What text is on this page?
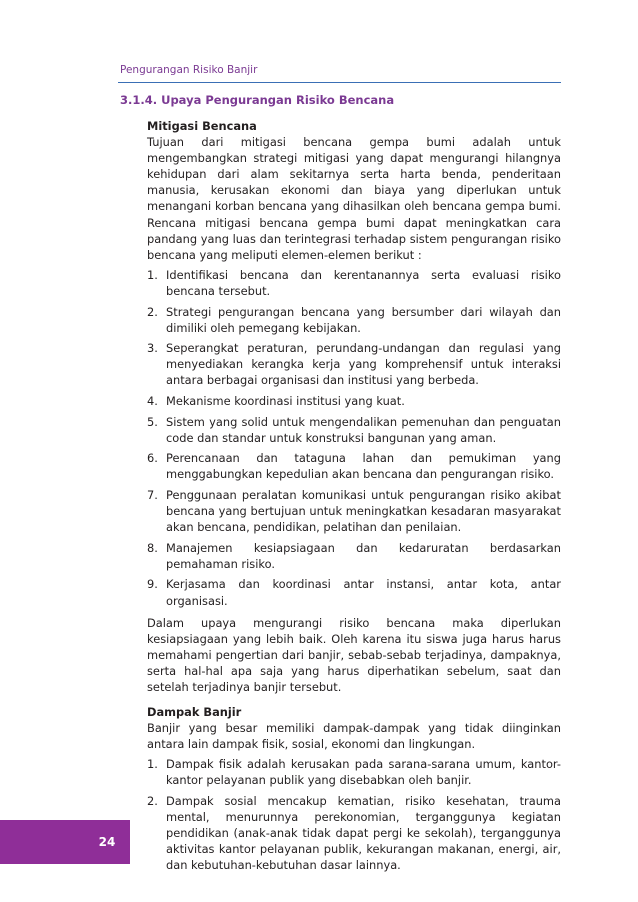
Pengurangan Risiko Banjir
3.1.4. Upaya Pengurangan Risiko Bencana

Mitigasi Bencana

Tujuan dari mitigasi bencana gempa bumi adalah untuk mengembangkan strategi mitigasi yang dapat mengurangi hilangnya kehidupan dari alam sekitarnya serta harta benda, penderitaan manusia, kerusakan ekonomi dan biaya yang diperlukan untuk menangani korban bencana yang dihasilkan oleh bencana gempa bumi. Rencana mitigasi bencana gempa bumi dapat meningkatkan cara pandang yang luas dan terintegrasi terhadap sistem pengurangan risiko bencana yang meliputi elemen-elemen berikut :

1. Identifikasi bencana dan kerentanannya serta evaluasi risiko bencana tersebut.
2. Strategi pengurangan bencana yang bersumber dari wilayah dan dimiliki oleh pemegang kebijakan.
3. Seperangkat peraturan, perundang-undangan dan regulasi yang menyediakan kerangka kerja yang komprehensif untuk interaksi antara berbagai organisasi dan institusi yang berbeda.
4. Mekanisme koordinasi institusi yang kuat.
5. Sistem yang solid untuk mengendalikan pemenuhan dan penguatan code dan standar untuk konstruksi bangunan yang aman.
6. Perencanaan dan tataguna lahan dan pemukiman yang menggabungkan kepedulian akan bencana dan pengurangan risiko.
7. Penggunaan peralatan komunikasi untuk pengurangan risiko akibat bencana yang bertujuan untuk meningkatkan kesadaran masyarakat akan bencana, pendidikan, pelatihan dan penilaian.
8. Manajemen kesiapsiagaan dan kedaruratan berdasarkan pemahaman risiko.
9. Kerjasama dan koordinasi antar instansi, antar kota, antar organisasi.

Dalam upaya mengurangi risiko bencana maka diperlukan kesiapsiagaan yang lebih baik. Oleh karena itu siswa juga harus harus memahami pengertian dari banjir, sebab-sebab terjadinya, dampaknya, serta hal-hal apa saja yang harus diperhatikan sebelum, saat dan setelah terjadinya banjir tersebut.

Dampak Banjir

Banjir yang besar memiliki dampak-dampak yang tidak diinginkan antara lain dampak fisik, sosial, ekonomi dan lingkungan.

1. Dampak fisik adalah kerusakan pada sarana-sarana umum, kantor-kantor pelayanan publik yang disebabkan oleh banjir.
2. Dampak sosial mencakup kematian, risiko kesehatan, trauma mental, menurunnya perekonomian, terganggunya kegiatan pendidikan (anak-anak tidak dapat pergi ke sekolah), terganggunya aktivitas kantor pelayanan publik, kekurangan makanan, energi, air, dan kebutuhan-kebutuhan dasar lainnya.
24
